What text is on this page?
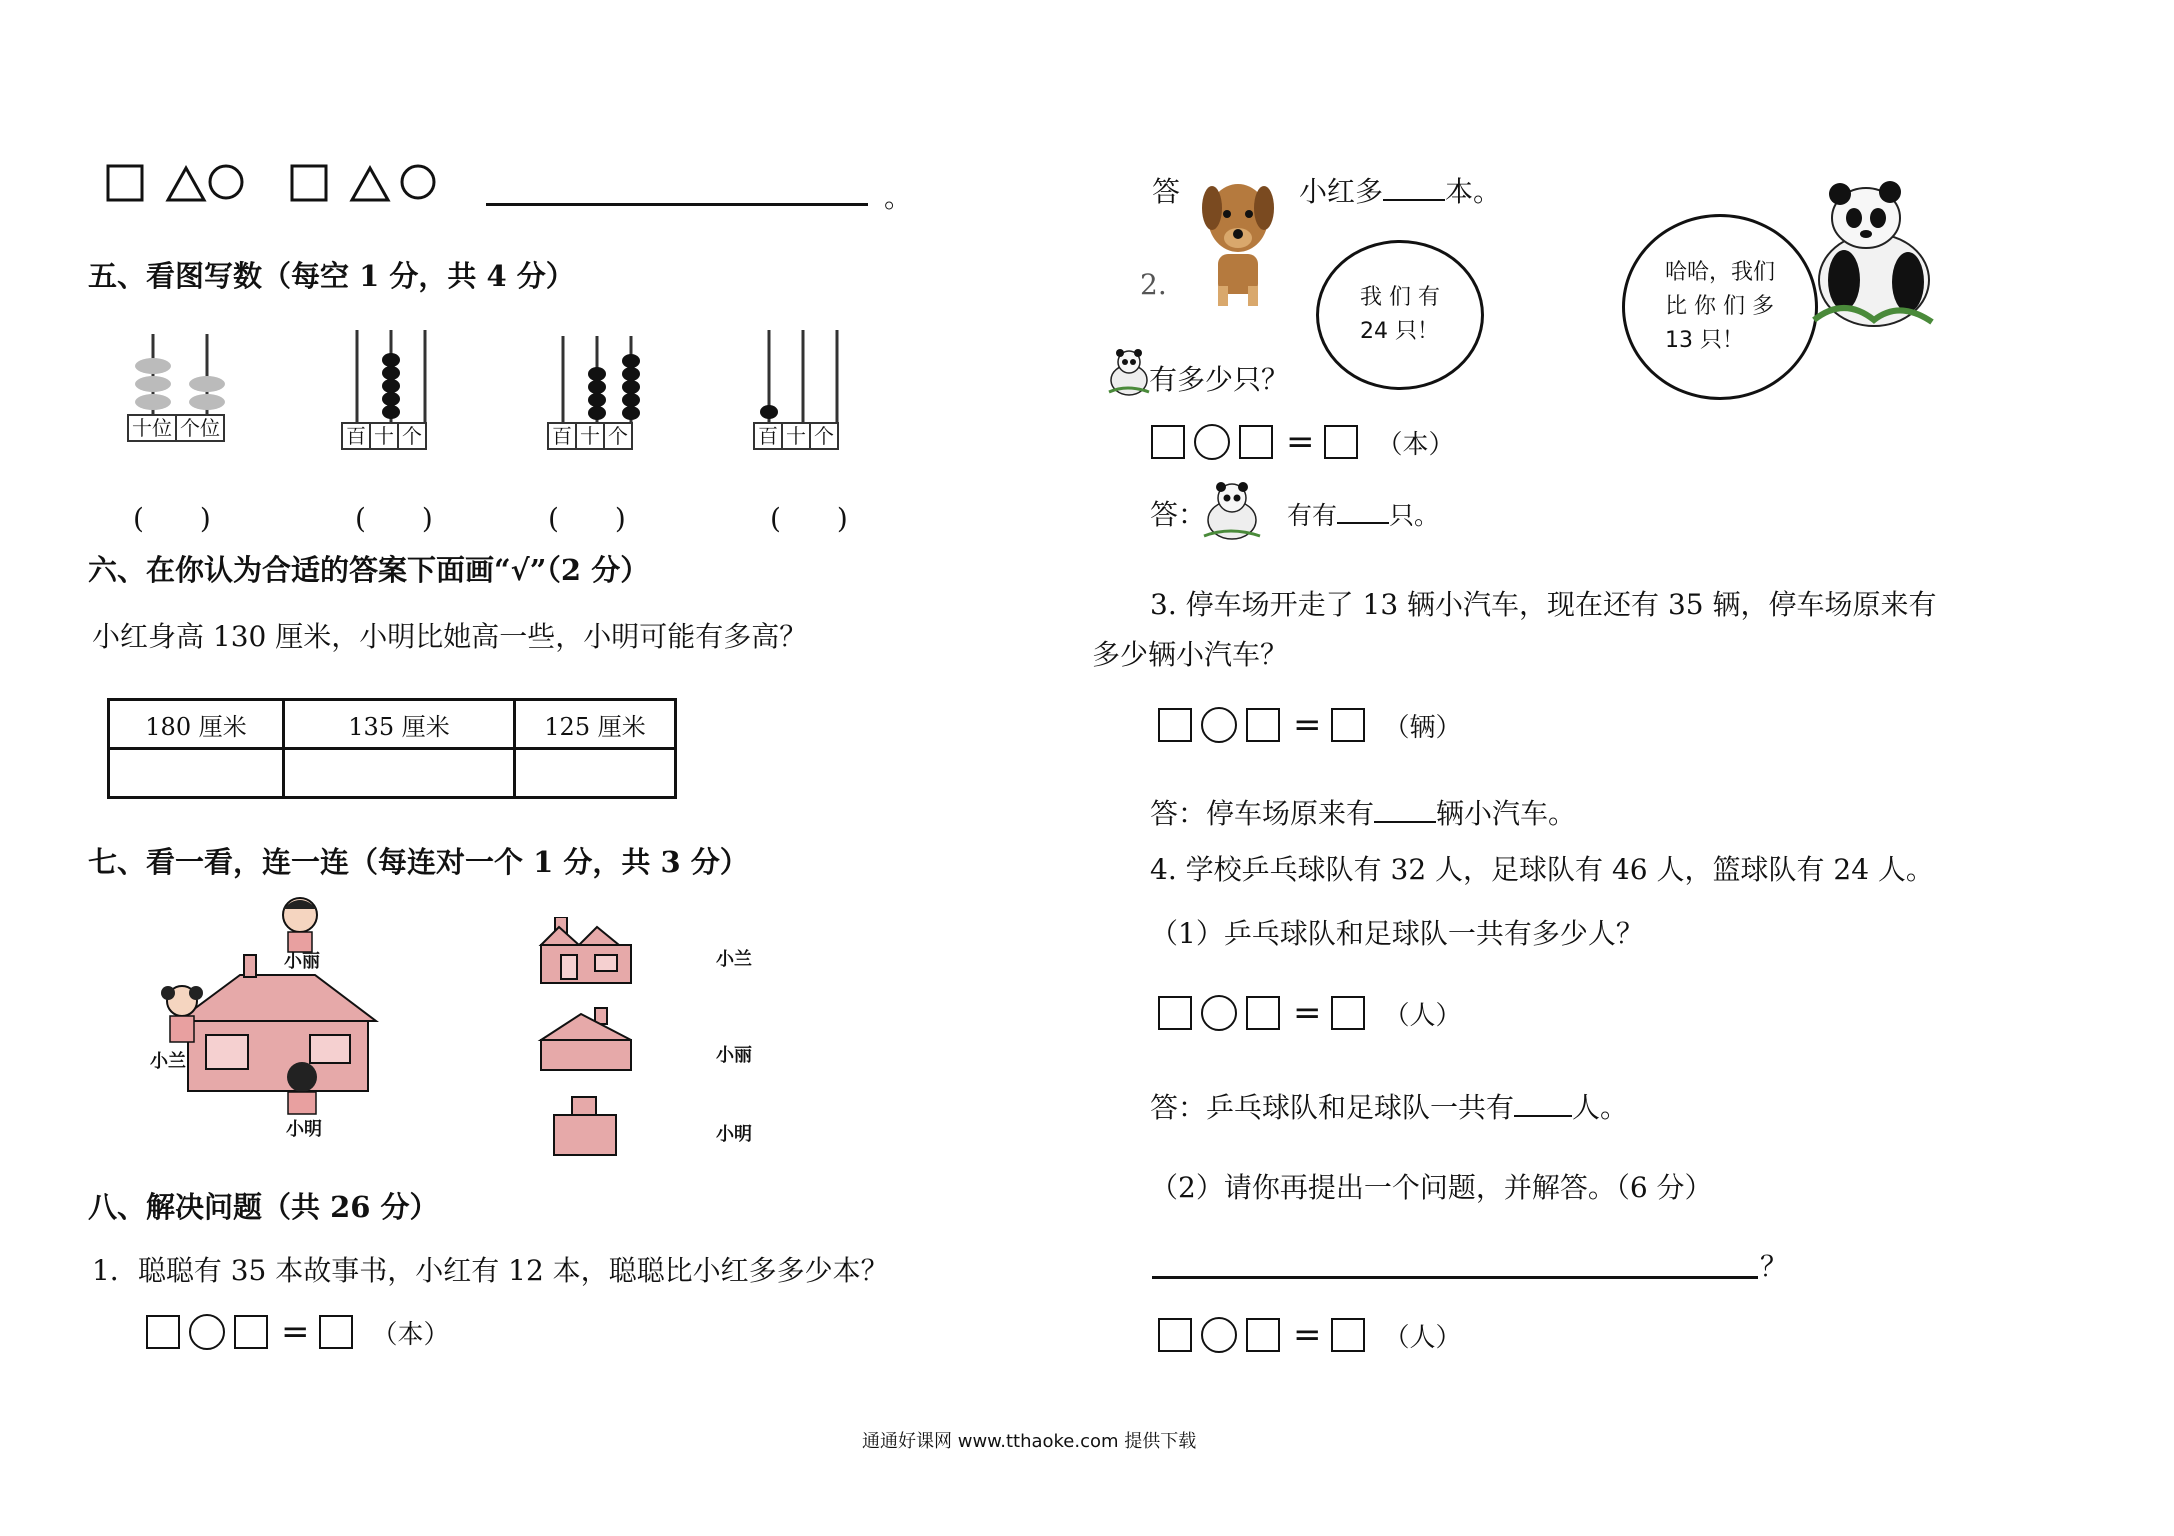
。
五、看图写数（每空 1 分，共 4 分）
十位 个位	百 十 个	百 十 个	百 十 个
(　　)	(　　)	(　　)	(　　)
六、在你认为合适的答案下面画“√”（2 分）
小红身高 130 厘米，小明比她高一些，小明可能有多高？
180 厘米	135 厘米	125 厘米

七、看一看，连一连（每连对一个 1 分，共 3 分）
小丽
小兰
小明
小兰
小丽
小明
八、解决问题（共 26 分）
1．聪聪有 35 本故事书，小红有 12 本，聪聪比小红多多少本？
= （本）
答	小红多 本。
2.	我 们 有
24 只！
哈哈，我们
比 你 们 多
13 只！
有多少只？
= （本）
答：	有有 只。
3. 停车场开走了 13 辆小汽车，现在还有 35 辆，停车场原来有
多少辆小汽车？
= （辆）
答：停车场原来有 辆小汽车。
4. 学校乒乓球队有 32 人，足球队有 46 人，篮球队有 24 人。
（1）乒乓球队和足球队一共有多少人？
= （人）
答：乒乓球队和足球队一共有 人。
（2）请你再提出一个问题，并解答。（6 分）
？
= （人）
通通好课网 www.tthaoke.com 提供下载
